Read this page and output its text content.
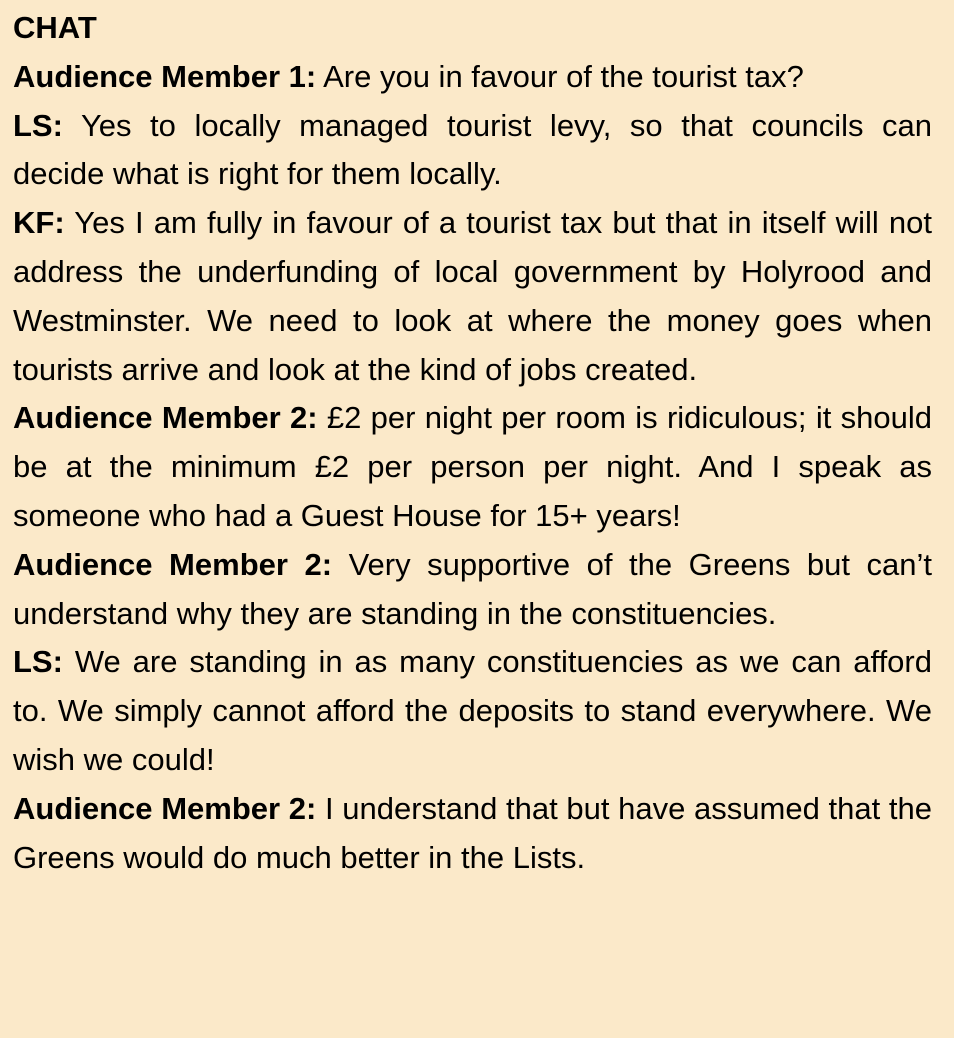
CHAT
Audience Member 1: Are you in favour of the tourist tax?
LS: Yes to locally managed tourist levy, so that councils can decide what is right for them locally.
KF: Yes I am fully in favour of a tourist tax but that in itself will not address the underfunding of local government by Holyrood and Westminster. We need to look at where the money goes when tourists arrive and look at the kind of jobs created.
Audience Member 2: £2 per night per room is ridiculous; it should be at the minimum £2 per person per night. And I speak as someone who had a Guest House for 15+ years!
Audience Member 2: Very supportive of the Greens but can’t understand why they are standing in the constituencies.
LS: We are standing in as many constituencies as we can afford to. We simply cannot afford the deposits to stand everywhere. We wish we could!
Audience Member 2: I understand that but have assumed that the Greens would do much better in the Lists.
